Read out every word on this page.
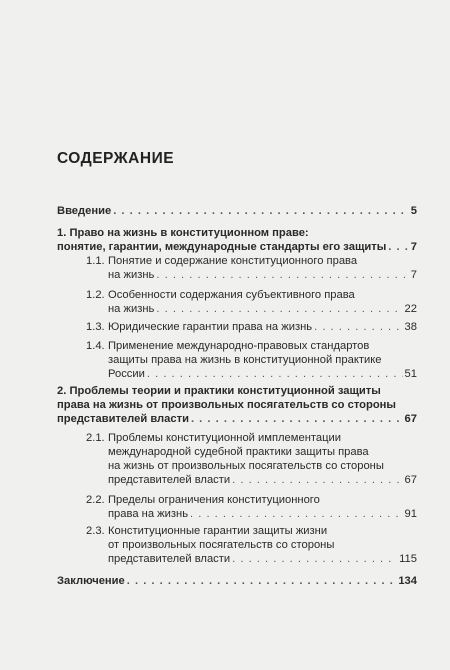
СОДЕРЖАНИЕ
Введение . . .	5
1. Право на жизнь в конституционном праве:
понятие, гарантии, международные стандарты его защиты . . . 7
1.1. Понятие и содержание конституционного права
на жизнь . . .	7
1.2. Особенности содержания субъективного права
на жизнь . . .	22
1.3. Юридические гарантии права на жизнь . . .	38
1.4. Применение международно-правовых стандартов
защиты права на жизнь в конституционной практике
России . . .	51
2. Проблемы теории и практики конституционной защиты
права на жизнь от произвольных посягательств со стороны
представителей власти . . .	67
2.1. Проблемы конституционной имплементации
международной судебной практики защиты права
на жизнь от произвольных посягательств со стороны
представителей власти . . .	67
2.2. Пределы ограничения конституционного
права на жизнь . . .	91
2.3. Конституционные гарантии защиты жизни
от произвольных посягательств со стороны
представителей власти . . .	115
Заключение . . .	134
